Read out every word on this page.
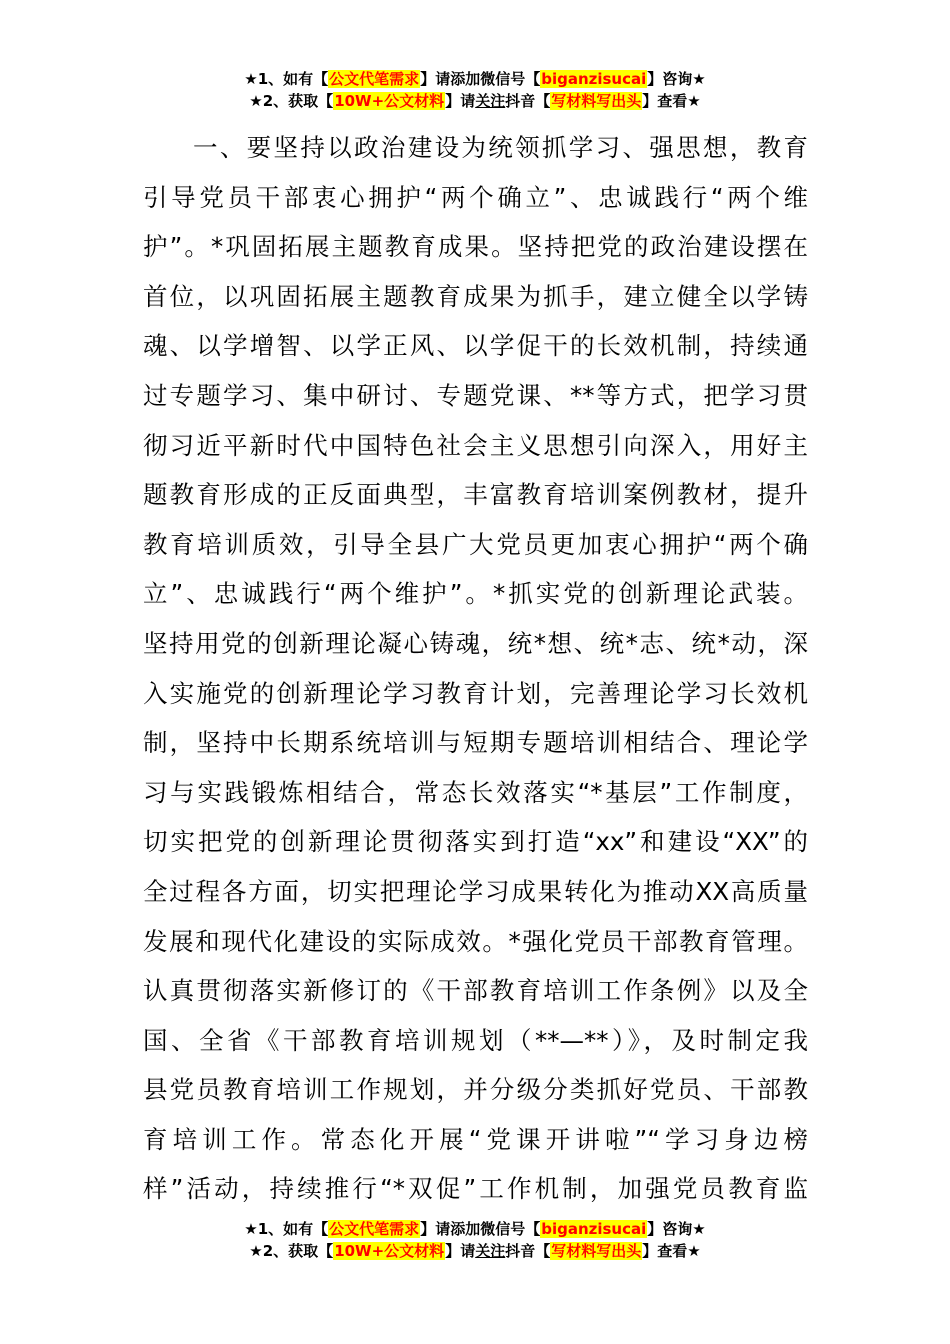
★1、如有【公文代笔需求】请添加微信号【biganzisucai】咨询★
★2、获取【10W+公文材料】请关注抖音【写材料写出头】查看★
一、要坚持以政治建设为统领抓学习、强思想，教育
引导党员干部衷心拥护“两个确立”、忠诚践行“两个维
护”。*巩固拓展主题教育成果。坚持把党的政治建设摆在
首位，以巩固拓展主题教育成果为抓手，建立健全以学铸
魂、以学增智、以学正风、以学促干的长效机制，持续通
过专题学习、集中研讨、专题党课、**等方式，把学习贯
彻习近平新时代中国特色社会主义思想引向深入，用好主
题教育形成的正反面典型，丰富教育培训案例教材，提升
教育培训质效，引导全县广大党员更加衷心拥护“两个确
立”、忠诚践行“两个维护”。*抓实党的创新理论武装。
坚持用党的创新理论凝心铸魂，统*想、统*志、统*动，深
入实施党的创新理论学习教育计划，完善理论学习长效机
制，坚持中长期系统培训与短期专题培训相结合、理论学
习与实践锻炼相结合，常态长效落实“*基层”工作制度，
切实把党的创新理论贯彻落实到打造“xx”和建设“XX”的
全过程各方面，切实把理论学习成果转化为推动XX高质量
发展和现代化建设的实际成效。*强化党员干部教育管理。
认真贯彻落实新修订的《干部教育培训工作条例》以及全
国、全省《干部教育培训规划（**—**）》，及时制定我
县党员教育培训工作规划，并分级分类抓好党员、干部教
育培训工作。常态化开展“党课开讲啦”“学习身边榜
样”活动，持续推行“*双促”工作机制，加强党员教育监
★1、如有【公文代笔需求】请添加微信号【biganzisucai】咨询★
★2、获取【10W+公文材料】请关注抖音【写材料写出头】查看★
